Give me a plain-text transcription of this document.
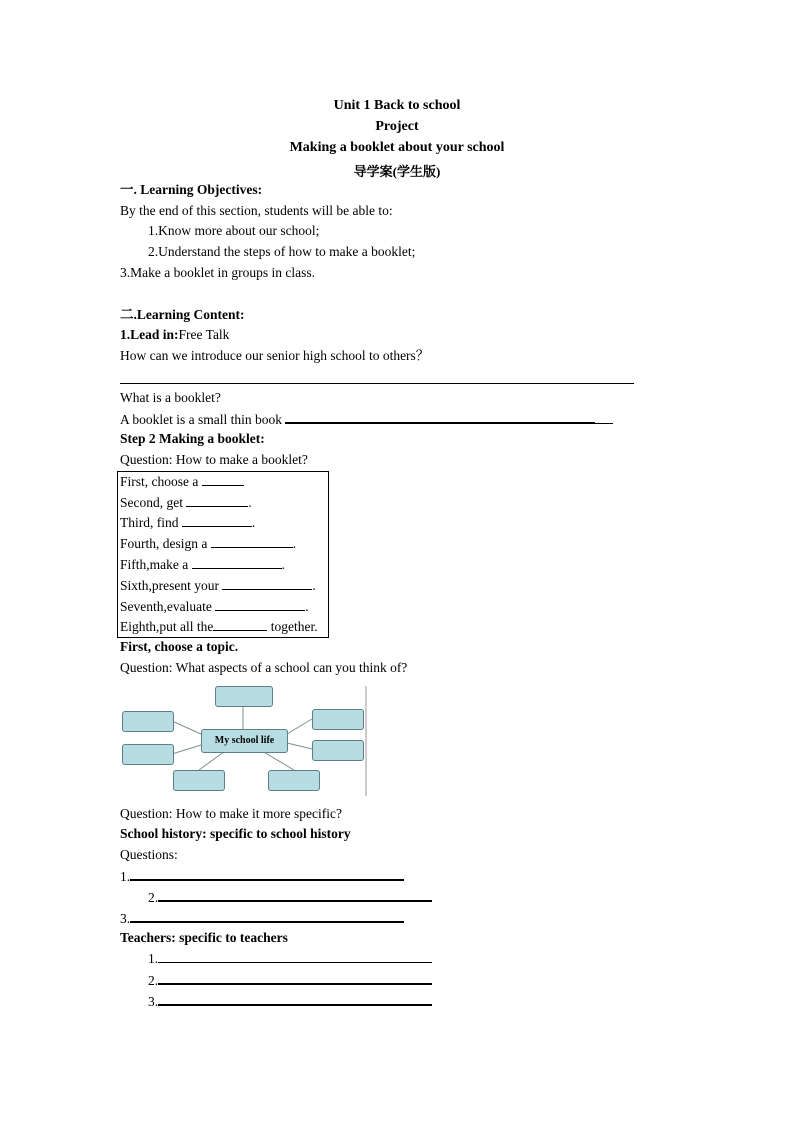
Unit 1 Back to school
Project
Making a booklet about your school
导学案(学生版)
一. Learning Objectives:
By the end of this section, students will be able to:
1.Know more about our school;
2.Understand the steps of how to make a booklet;
3.Make a booklet in groups in class.
二.Learning Content:
1.Lead in:Free Talk
How can we introduce our senior high school to others？
What is a booklet?
A booklet is a small thin book
Step 2 Making a booklet:
Question: How to make a booklet?
First, choose a
Second, get	.
Third, find	.
Fourth, design a	.
Fifth,make a	.
Sixth,present your	.
Seventh,evaluate	.
Eighth,put all the	together.
First, choose a topic.
Question: What aspects of a school can you think of?
My school life
Question: How to make it more specific?
School history: specific to school history
Questions:
1.
2.
3.
Teachers: specific to teachers
1.
2.
3.
